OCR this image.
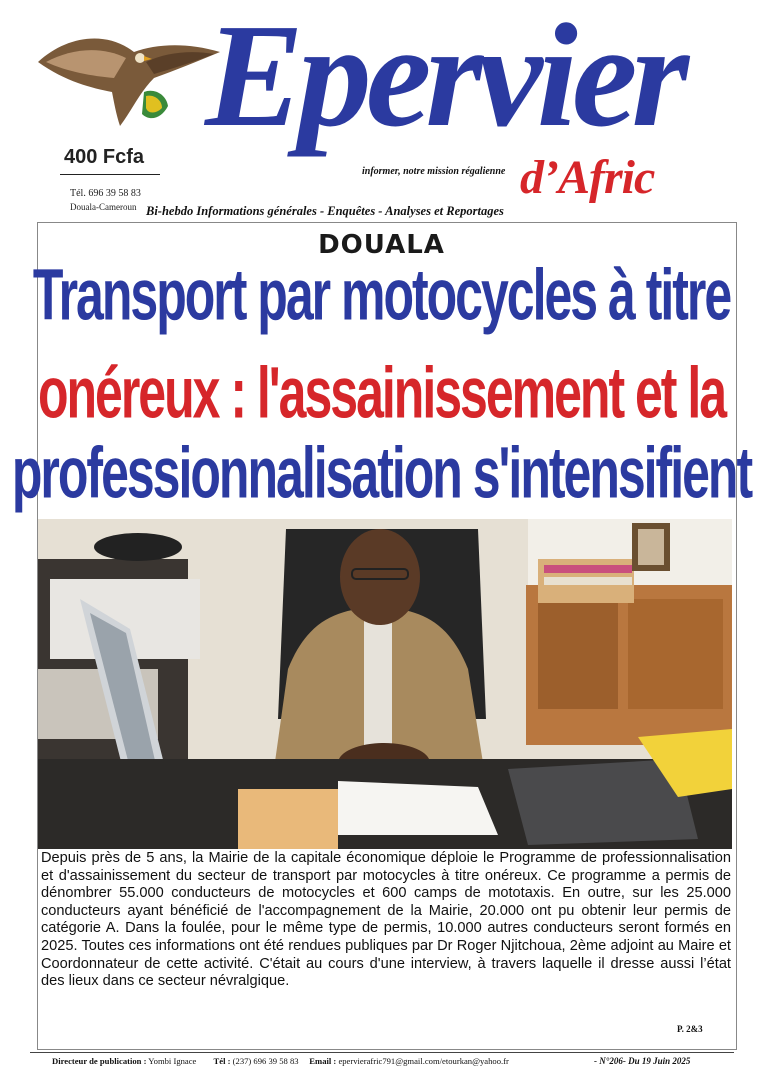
400 Fcfa
Tél. 696 39 58 83
Douala-Cameroun
Epervier
informer, notre mission régalienne d’Afric
Bi-hebdo Informations générales - Enquêtes - Analyses et Reportages
DOUALA
Transport par motocycles à titre
onéreux : l'assainissement et la
professionnalisation s'intensifient
Depuis près de 5 ans, la Mairie de la capitale économique déploie le Programme de professionnalisation et d'assainissement du secteur de transport par motocycles à titre onéreux. Ce programme a permis de dénombrer 55.000 conducteurs de motocycles et 600 camps de mototaxis. En outre, sur les 25.000 conducteurs ayant bénéficié de l'accompagnement de la Mairie, 20.000 ont pu obtenir leur permis de catégorie A. Dans la foulée, pour le même type de permis, 10.000 autres conducteurs seront formés en 2025. Toutes ces informations ont été rendues publiques par Dr Roger Njitchoua, 2ème adjoint au Maire et Coordonnateur de cette activité. C'était au cours d'une interview, à travers laquelle il dresse aussi l’état des lieux dans ce secteur névralgique.
P. 2&3
Directeur de publication : Yombi Ignace Tél : (237) 696 39 58 83 Email : epervierafric791@gmail.com/etourkan@yahoo.fr	- N°206- Du 19 Juin 2025
